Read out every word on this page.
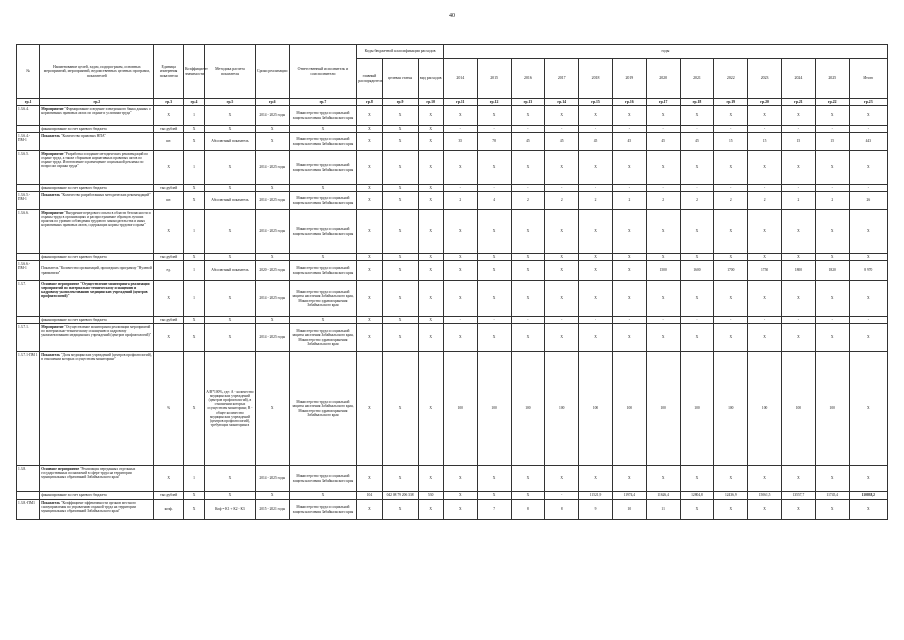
40
№	Наименование целей, задач, подпрограмм, основных мероприятий, мероприятий, ведомственных целевых программ, показателей	Единица измерения показателя	Коэффициент значимости	Методика расчета показателя	Сроки реализации	Ответственный исполнитель и соисполнители	Коды бюджетной классификации расходов			годы												
							главный распорядитель	целевая статья	вид расходов	2014	2015	2016	2017	2018	2019	2020	2021	2022	2023	2024	2025	Итого
гр.1	гр.2	гр.3	гр.4	гр.5	гр.6	гр.7	гр.8	гр.9	гр.10	гр.11	гр.12	гр.13	гр.14	гр.15	гр.16	гр.17	гр.18	гр.19	гр.20	гр.21	гр.22	гр.23
1.3.6.4.	Мероприятие "Формирование и ведение электронного банка данных о нормативных правовых актах по охране и условиям труда"	X	1	X	2014 - 2025 годы	Министерство труда и социальной защиты населения Забайкальского края	X	X	X	X	X	X	X	X	X	X	X	X	X	X	X	X
	финансирование за счет краевого бюджета	тыс.рублей	X	X	X	X	X	X	X	-	-	-	-	-	-	-	-	-	-	-	-	-
1.3.6.4.-ПМ-1	Показатель "Количество правовых НПА"	шт.	X	Абсолютный показатель	X	Министерство труда и социальной защиты населения Забайкальского края	X	X	X	35	78	45	45	45	45	45	45	15	15	15	15	443
1.3.6.5.	Мероприятие "Разработка и издание методических рекомендаций по охране труда, а также сборников нормативных правовых актов по охране труда. Изготовление и размещение социальной рекламы по вопросам охраны труда"	X	1	X	2014 - 2025 годы	Министерство труда и социальной защиты населения Забайкальского края	X	X	X	X	X	X	X	X	X	X	X	X	X	X	X	X
	финансирование за счет краевого бюджета	тыс.рублей	X	X	X	X	X	X	X	-	-	-	-	-	-	-	-	-	-	-	-	-
1.3.6.5.-ПМ-1	Показатель "Количество разработанных методических рекомендаций"	шт.	X	Абсолютный показатель	2014 - 2025 годы	Министерство труда и социальной защиты населения Забайкальского края	X	X	X	2	4	2	2	2	2	2	2	2	2	2	2	26
1.3.6.6.	Мероприятие "Внедрение передового опыта в области безопасности и охраны труда в организациях и распространение образцов лучших практик по уровню соблюдения трудового законодательства и иных нормативных правовых актов, содержащих нормы трудового права"	X	1	X	2014 - 2025 годы	Министерство труда и социальной защиты населения Забайкальского края	X	X	X	X	X	X	X	X	X	X	X	X	X	X	X	X
	финансирование за счет краевого бюджета	тыс.рублей	X	X	X	X	X	X	X	X	X	X	X	X	X	X	X	X	X	X	X	X
1.3.6.6.-ПМ-1	Показатель "Количество организаций, прошедших программу "Нулевой травматизм"	ед.	1	Абсолютный показатель	2020 - 2025 годы	Министерство труда и социальной защиты населения Забайкальского края	X	X	X	X	X	X	X	X	X	1500	1600	1700	1750	1800	1820	8 970
1.3.7.	Основное мероприятие "Осуществление мониторинга реализации мероприятий по материально-техническому оснащению и кадровому укомплектованию медицинских учреждений (центров профпатологий)"	X	1	X	2014 - 2025 годы	Министерство труда и социальной защиты населения Забайкальского края, Министерство здравоохранения Забайкальского края	X	X	X	X	X	X	X	X	X	X	X	X	X	X	X	X
	финансирование за счет краевого бюджета	тыс.рублей	X	X	X	X	X	X	X	-	-	-	-	-	-	-	-	-	-	-	-	-
1.3.7.1.	Мероприятие "Осуществление мониторинга реализации мероприятий по материально-техническому оснащению и кадровому укомплектованию медицинских учреждений (центров профпатологий)"	X	X	X	2014 - 2025 годы	Министерство труда и социальной защиты населения Забайкальского края, Министерство здравоохранения Забайкальского края	X	X	X	X	X	X	X	X	X	X	X	X	X	X	X	X
1.3.7.1-ПМ 1	Показатель "Доля медицинских учреждений (центров профпатологий), в отношении которых осуществлен мониторинг"	%	X	А/В*100%, где: А - количество медицинских учреждений (центров профпатологий), в отношении которых осуществлен мониторинг, В - общее количество медицинских учреждений (центров профпатологий), требующих мониторинга	X	Министерство труда и социальной защиты населения Забайкальского края, Министерство здравоохранения Забайкальского края	X	X	X	100	100	100	100	100	100	100	100	100	100	100	100	X
1.3.8.	Основное мероприятие "Реализация переданных отдельных государственных полномочий в сфере труда на территории муниципальных образований Забайкальского края"	X	1	X	2014 - 2025 годы	Министерство труда и социальной защиты населения Забайкальского края	X	X	X	X	X	X	X	X	X	X	X	X	X	X	X	X
	финансирование за счет краевого бюджета	тыс.рублей	X	X	X	X	104	042 08 79 206 338	530	X	X	X	-	11521,9	11974,4	11626,4	12804,8	12436,9	15061,5	13557,7	11745,4	110038,2
1.3.8.-ПМ1	Показатель "Коэффициент эффективности органов местного самоуправления по управлению охраной труда на территории муниципальных образований Забайкальского края"	коэф.	X	Коф = К1 + К2 - К3	2015 - 2021 годы	Министерство труда и социальной защиты населения Забайкальского края	X	X	X	X	7	8	8	9	10	11	X	X	X	X	X	X
